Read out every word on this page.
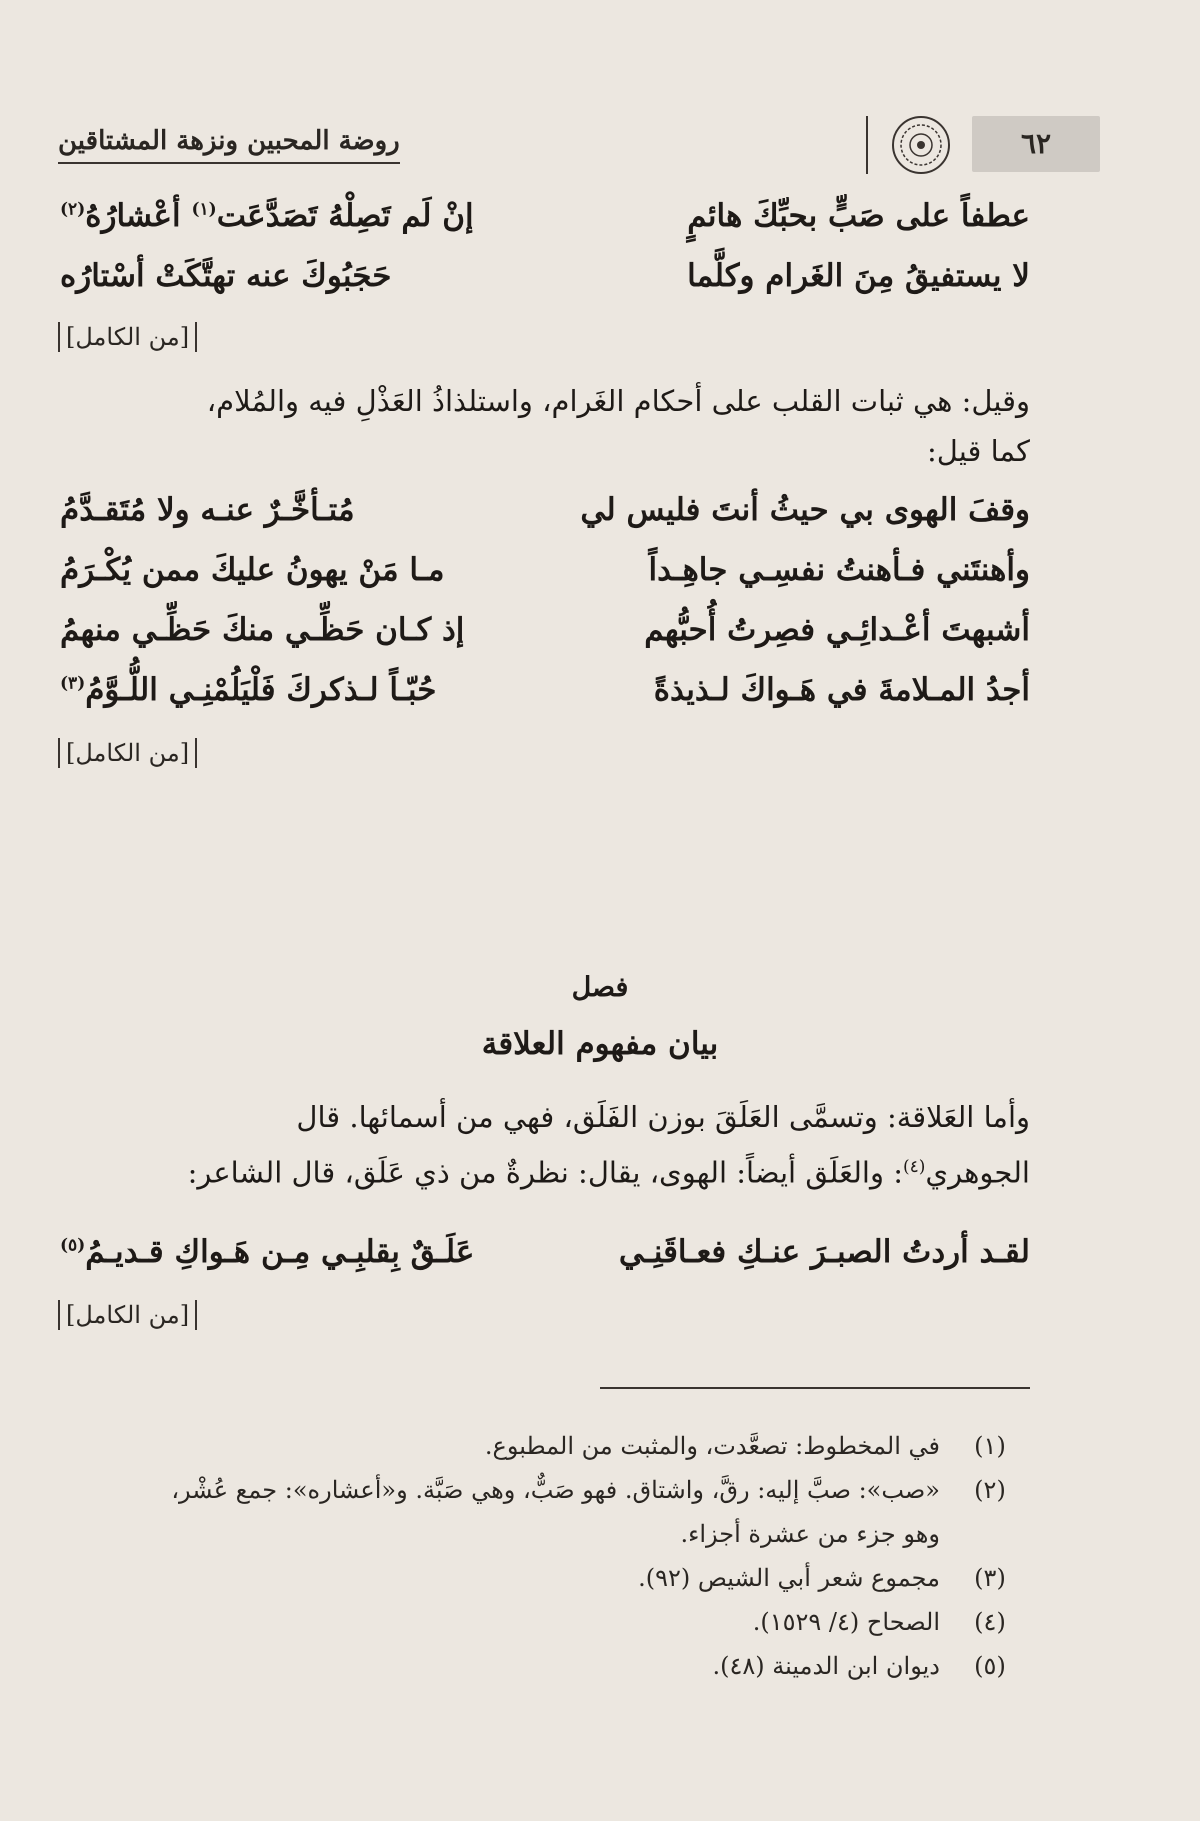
٦٢
روضة المحبين ونزهة المشتاقين
عطفاً على صَبٍّ بحبِّكَ هائمٍ
إنْ لَم تَصِلْهُ تَصَدَّعَت$^{(١)}$ أعْشارُهُ$^{(٢)}$
لا يستفيقُ مِنَ الغَرام وكلَّما
حَجَبُوكَ عنه تهتَّكَتْ أسْتارُه
[من الكامل]

وقيل: هي ثبات القلب على أحكام الغَرام، واستلذاذُ العَذْلِ فيه والمُلام،

كما قيل:

وقفَ الهوى بي حيثُ أنتَ فليس لي
مُتـأخَّـرٌ عنـه ولا مُتَقـدَّمُ
وأهنتَني فـأهنتُ نفسِـي جاهِـداً
مـا مَنْ يهونُ عليكَ ممن يُكْـرَمُ
أشبهتَ أعْـدائِـي فصِرتُ أُحبُّهم
إذ كـان حَظِّـي منكَ حَظِّـي منهمُ
أجدُ المـلامةَ في هَـواكَ لـذيذةً
حُبّـاً لـذكركَ فَلْيَلُمْنِـي اللُّـوَّمُ$^{(٣)}$
[من الكامل]
فصل
بيان مفهوم العلاقة

وأما العَلاقة: وتسمَّى العَلَقَ بوزن الفَلَق، فهي من أسمائها. قال

الجوهري$^{(٤)}$: والعَلَق أيضاً: الهوى، يقال: نظرةٌ من ذي عَلَق، قال الشاعر:

لقـد أردتُ الصبـرَ عنـكِ فعـاقَنِـي
عَلَـقٌ بِقلبِـي مِـن هَـواكِ قـديـمُ$^{(٥)}$
[من الكامل]
(١)
في المخطوط: تصعَّدت، والمثبت من المطبوع.
(٢)
«صب»: صبَّ إليه: رقَّ، واشتاق. فهو صَبٌّ، وهي صَبَّة. و«أعشاره»: جمع عُشْر،
وهو جزء من عشرة أجزاء.
(٣)
مجموع شعر أبي الشيص (٩٢).
(٤)
الصحاح (٤/ ١٥٢٩).
(٥)
ديوان ابن الدمينة (٤٨).
